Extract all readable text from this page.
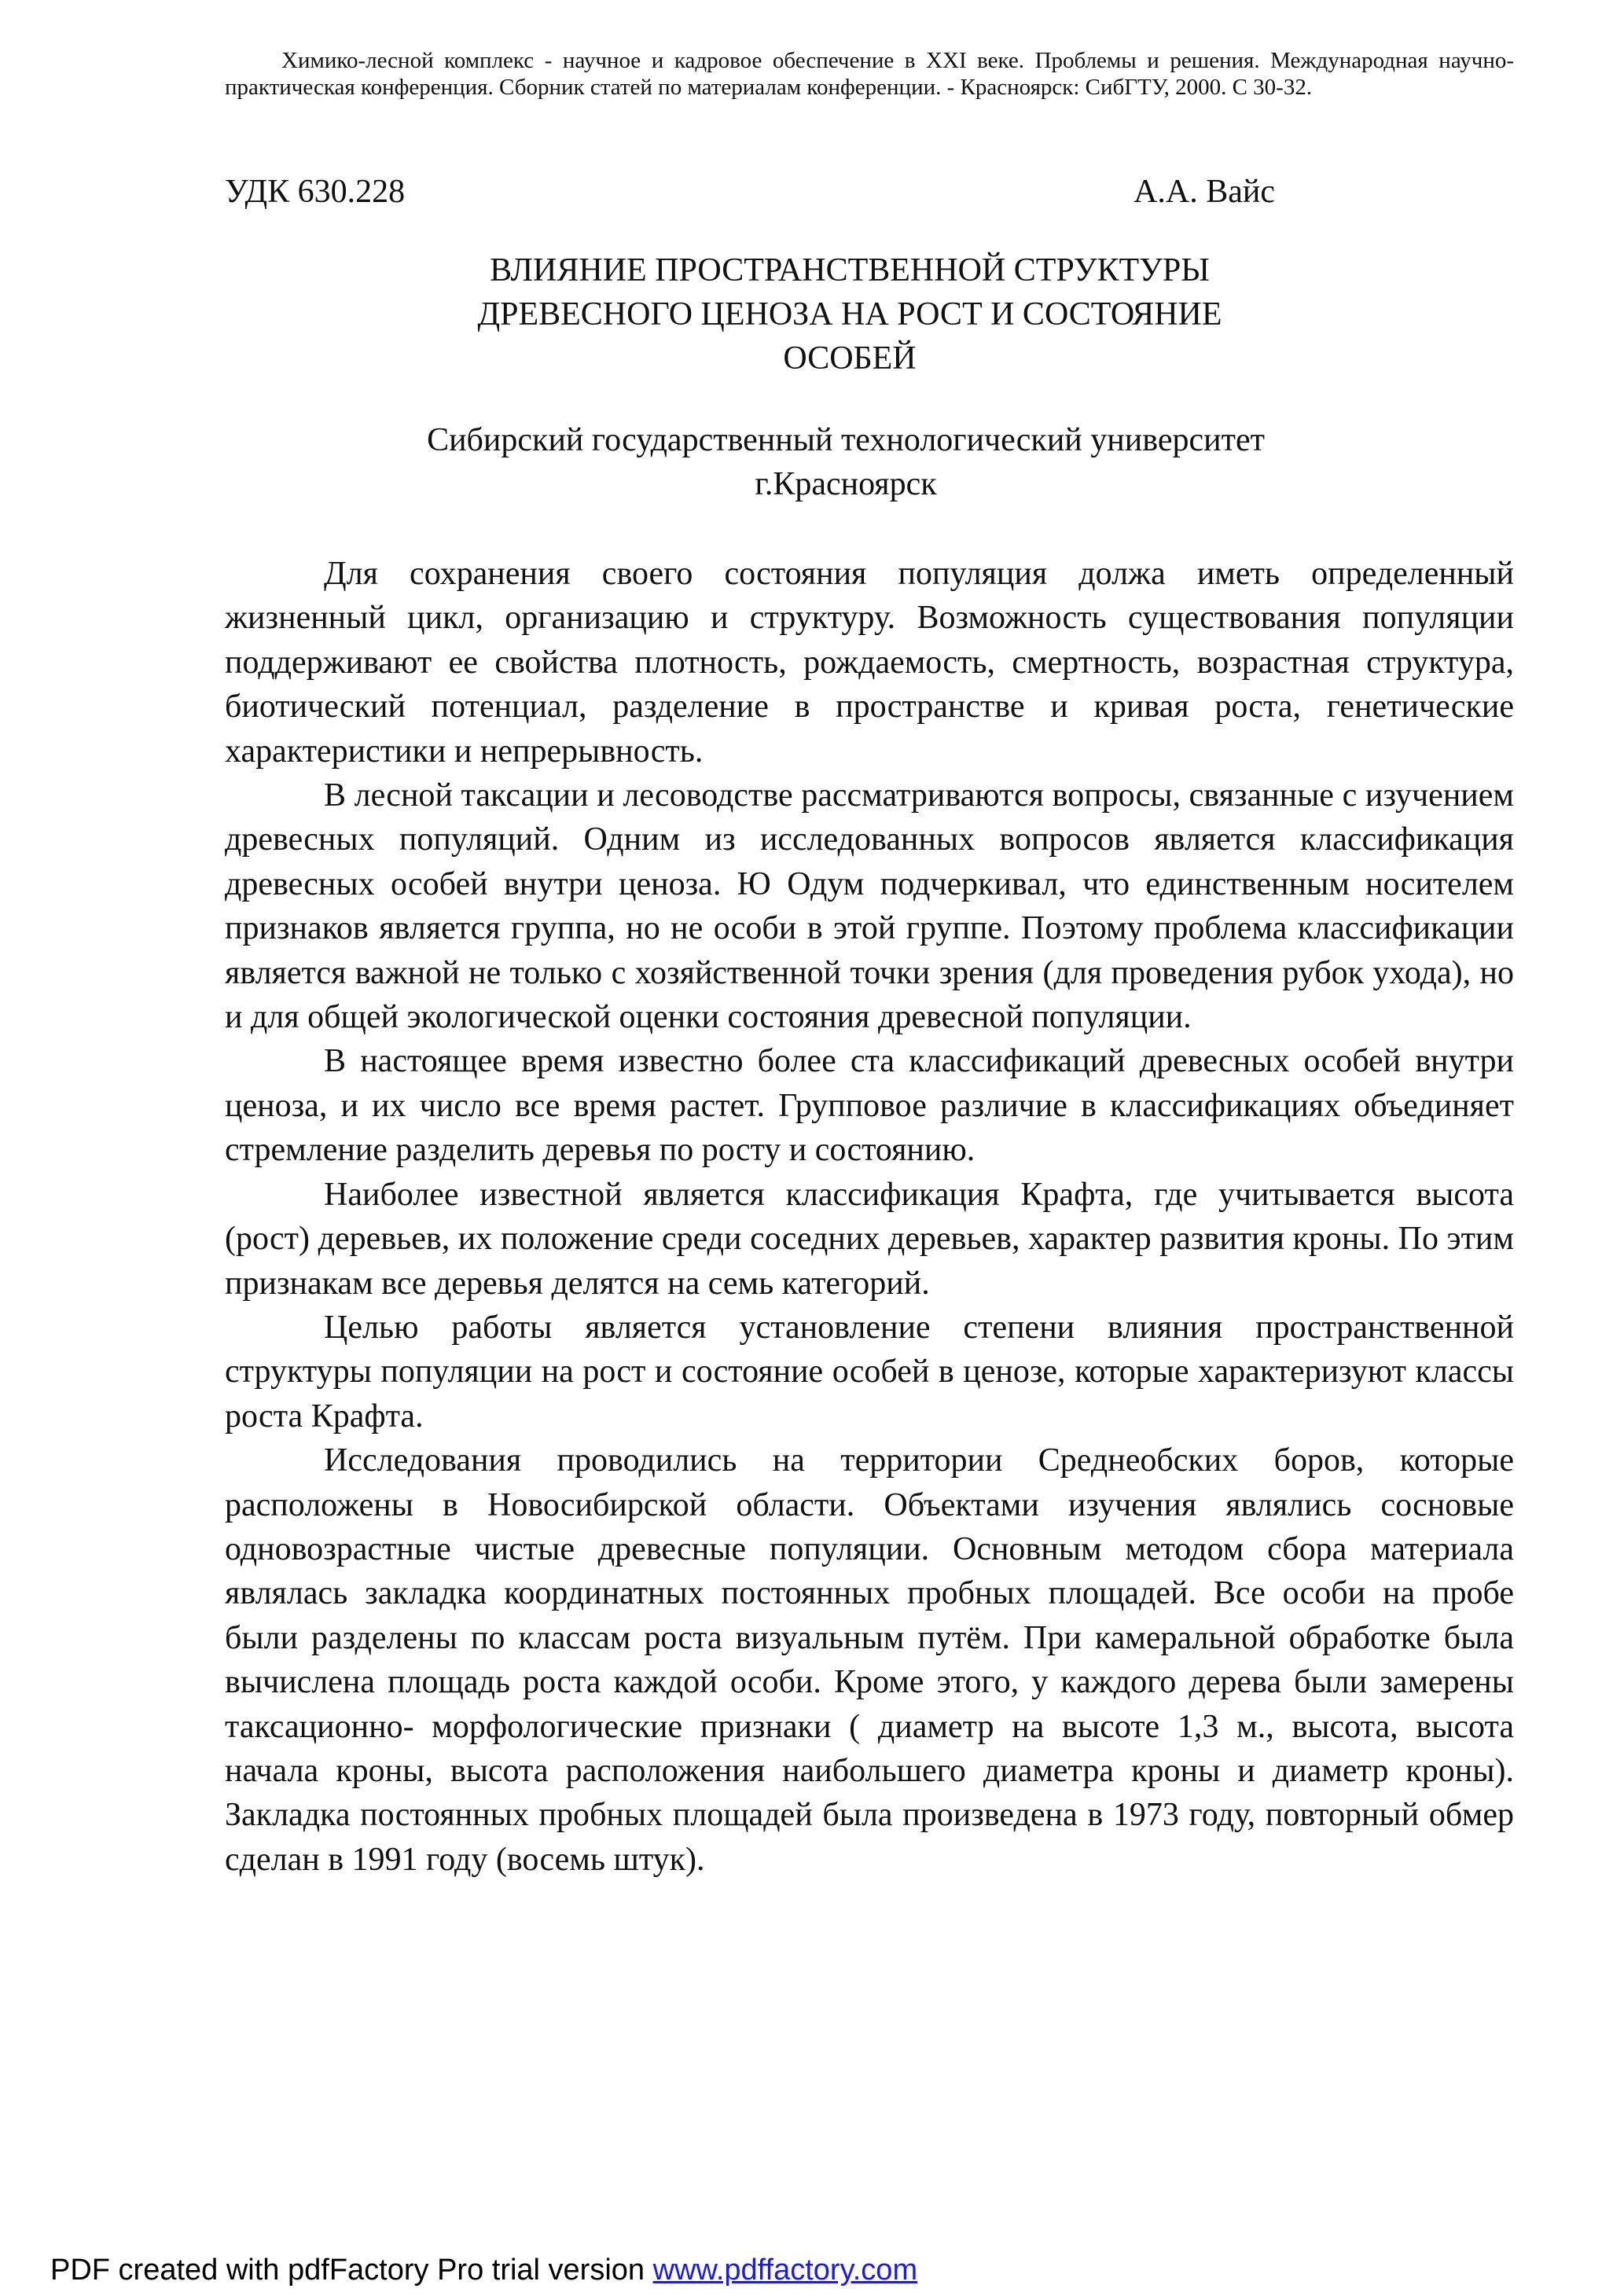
Химико-лесной комплекс - научное и кадровое обеспечение в XXI веке. Проблемы и решения. Международная научно-практическая конференция. Сборник статей по материалам конференции. - Красноярск: СибГТУ, 2000. С 30-32.

УДК 630.228	А.А. Вайс
ВЛИЯНИЕ ПРОСТРАНСТВЕННОЙ СТРУКТУРЫ
ДРЕВЕСНОГО ЦЕНОЗА НА РОСТ И СОСТОЯНИЕ
ОСОБЕЙ
Сибирский государственный технологический университет
г.Красноярск

Для сохранения своего состояния популяция должа иметь определенный жизненный цикл, организацию и структуру. Возможность существования популяции поддерживают ее свойства плотность, рождаемость, смертность, возрастная структура, биотический потенциал, разделение в пространстве и кривая роста, генетические характеристики и непрерывность.

В лесной таксации и лесоводстве рассматриваются вопросы, связанные с изучением древесных популяций. Одним из исследованных вопросов является классификация древесных особей внутри ценоза. Ю Одум подчеркивал, что единственным носителем признаков является группа, но не особи в этой группе. Поэтому проблема классификации является важной не только с хозяйственной точки зрения (для проведения рубок ухода), но и для общей экологической оценки состояния древесной популяции.

В настоящее время известно более ста классификаций древесных особей внутри ценоза, и их число все время растет. Групповое различие в классификациях объединяет стремление разделить деревья по росту и состоянию.

Наиболее известной является классификация Крафта, где учитывается высота (рост) деревьев, их положение среди соседних деревьев, характер развития кроны. По этим признакам все деревья делятся на семь категорий.

Целью работы является установление степени влияния пространственной структуры популяции на рост и состояние особей в ценозе, которые характеризуют классы роста Крафта.

Исследования проводились на территории Среднеобских боров, которые расположены в Новосибирской области. Объектами изучения являлись сосновые одновозрастные чистые древесные популяции. Основным методом сбора материала являлась закладка координатных постоянных пробных площадей. Все особи на пробе были разделены по классам роста визуальным путём. При камеральной обработке была вычислена площадь роста каждой особи. Кроме этого, у каждого дерева были замерены таксационно- морфологические признаки ( диаметр на высоте 1,3 м., высота, высота начала кроны, высота расположения наибольшего диаметра кроны и диаметр кроны). Закладка постоянных пробных площадей была произведена в 1973 году, повторный обмер сделан в 1991 году (восемь штук).

PDF created with pdfFactory Pro trial version www.pdffactory.com
